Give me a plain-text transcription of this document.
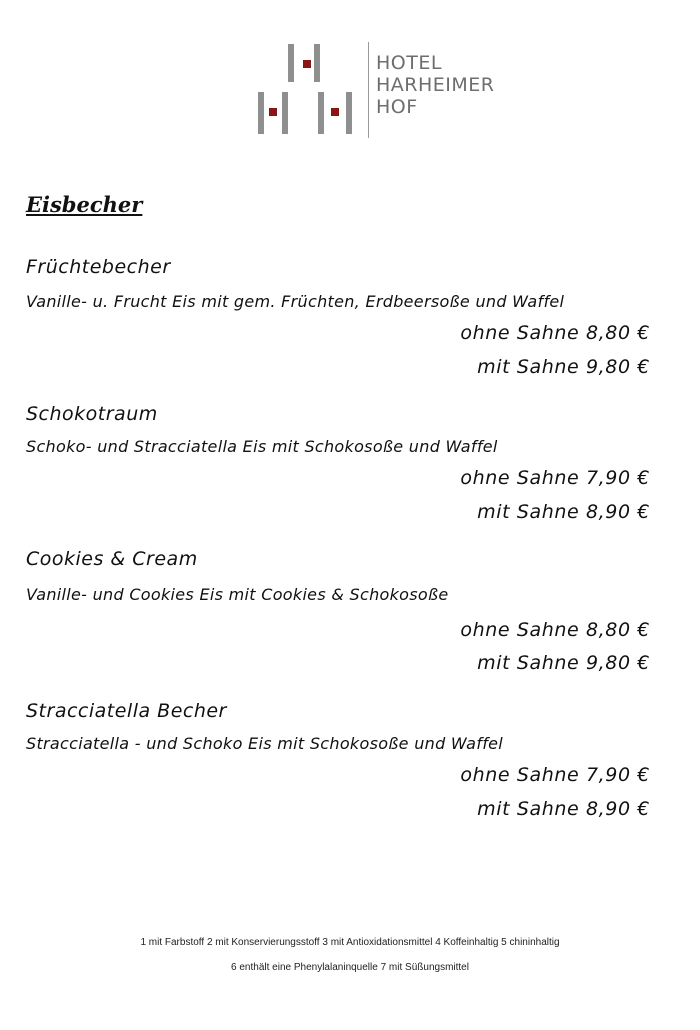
HOTEL
HARHEIMER
HOF
Eisbecher
Früchtebecher
Vanille- u. Frucht Eis mit gem. Früchten, Erdbeersoße und Waffel
ohne Sahne 8,80 €
mit Sahne 9,80 €
Schokotraum
Schoko- und Stracciatella Eis mit Schokosoße und Waffel
ohne Sahne 7,90 €
mit Sahne 8,90 €
Cookies & Cream
Vanille- und Cookies Eis mit Cookies & Schokosoße
ohne Sahne 8,80 €
mit Sahne 9,80 €
Stracciatella Becher
Stracciatella - und Schoko Eis mit Schokosoße und Waffel
ohne Sahne 7,90 €
mit Sahne 8,90 €
1 mit Farbstoff 2 mit Konservierungsstoff 3 mit Antioxidationsmittel 4 Koffeinhaltig 5 chininhaltig
6 enthält eine Phenylalaninquelle 7 mit Süßungsmittel
